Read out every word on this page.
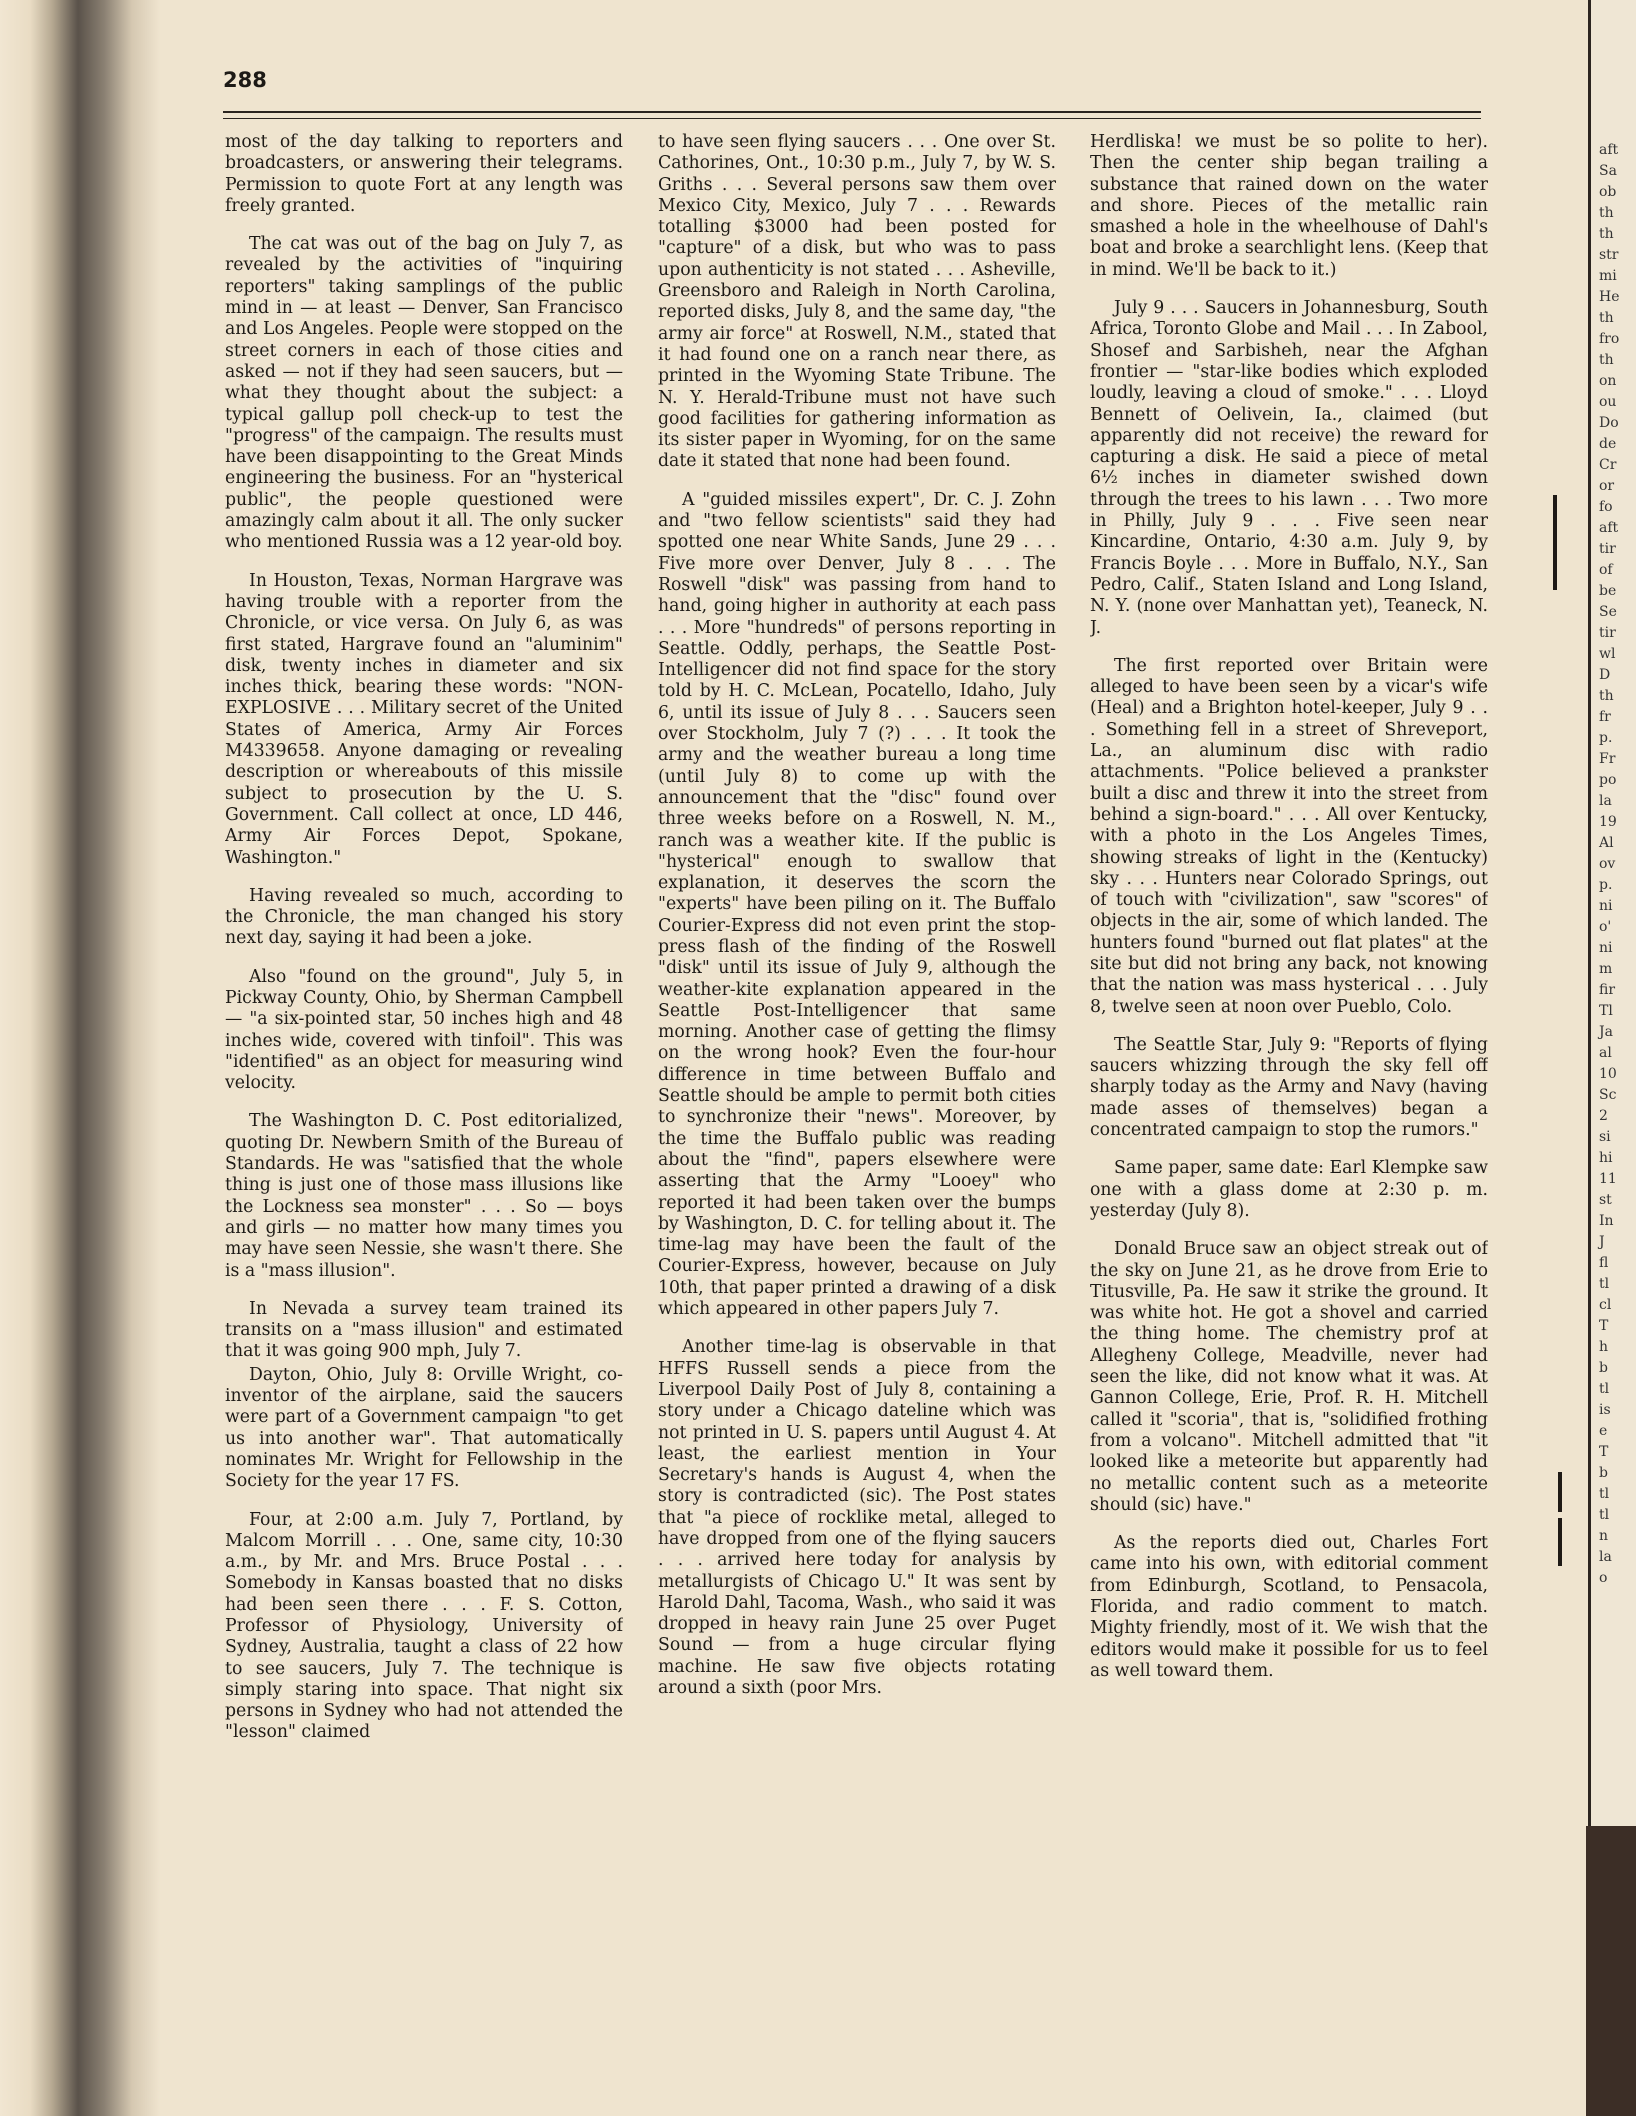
288

most of the day talking to reporters and broadcasters, or answering their telegrams. Permission to quote Fort at any length was freely granted.

The cat was out of the bag on July 7, as revealed by the activities of "inquiring reporters" taking samplings of the public mind in — at least — Denver, San Francisco and Los Angeles. People were stopped on the street corners in each of those cities and asked — not if they had seen saucers, but — what they thought about the subject: a typical gallup poll check-up to test the "progress" of the campaign. The results must have been disappointing to the Great Minds engineering the business. For an "hysterical public", the people questioned were amazingly calm about it all. The only sucker who mentioned Russia was a 12 year-old boy.

In Houston, Texas, Norman Hargrave was having trouble with a reporter from the Chronicle, or vice versa. On July 6, as was first stated, Hargrave found an "aluminim" disk, twenty inches in diameter and six inches thick, bearing these words: "NON-EXPLOSIVE . . . Military secret of the United States of America, Army Air Forces M4339658. Anyone damaging or revealing description or whereabouts of this missile subject to prosecution by the U. S. Government. Call collect at once, LD 446, Army Air Forces Depot, Spokane, Washington."

Having revealed so much, according to the Chronicle, the man changed his story next day, saying it had been a joke.

Also "found on the ground", July 5, in Pickway County, Ohio, by Sherman Campbell — "a six-pointed star, 50 inches high and 48 inches wide, covered with tinfoil". This was "identified" as an object for measuring wind velocity.

The Washington D. C. Post editorialized, quoting Dr. Newbern Smith of the Bureau of Standards. He was "satisfied that the whole thing is just one of those mass illusions like the Lockness sea monster" . . . So — boys and girls — no matter how many times you may have seen Nessie, she wasn't there. She is a "mass illusion".

In Nevada a survey team trained its transits on a "mass illusion" and estimated that it was going 900 mph, July 7.

Dayton, Ohio, July 8: Orville Wright, co-inventor of the airplane, said the saucers were part of a Government campaign "to get us into another war". That automatically nominates Mr. Wright for Fellowship in the Society for the year 17 FS.

Four, at 2:00 a.m. July 7, Portland, by Malcom Morrill . . . One, same city, 10:30 a.m., by Mr. and Mrs. Bruce Postal . . . Somebody in Kansas boasted that no disks had been seen there . . . F. S. Cotton, Professor of Physiology, University of Sydney, Australia, taught a class of 22 how to see saucers, July 7. The technique is simply staring into space. That night six persons in Sydney who had not attended the "lesson" claimed

to have seen flying saucers . . . One over St. Cathorines, Ont., 10:30 p.m., July 7, by W. S. Griths . . . Several persons saw them over Mexico City, Mexico, July 7 . . . Rewards totalling $3000 had been posted for "capture" of a disk, but who was to pass upon authenticity is not stated . . . Asheville, Greensboro and Raleigh in North Carolina, reported disks, July 8, and the same day, "the army air force" at Roswell, N.M., stated that it had found one on a ranch near there, as printed in the Wyoming State Tribune. The N. Y. Herald-Tribune must not have such good facilities for gathering information as its sister paper in Wyoming, for on the same date it stated that none had been found.

A "guided missiles expert", Dr. C. J. Zohn and "two fellow scientists" said they had spotted one near White Sands, June 29 . . . Five more over Denver, July 8 . . . The Roswell "disk" was passing from hand to hand, going higher in authority at each pass . . . More "hundreds" of persons reporting in Seattle. Oddly, perhaps, the Seattle Post-Intelligencer did not find space for the story told by H. C. McLean, Pocatello, Idaho, July 6, until its issue of July 8 . . . Saucers seen over Stockholm, July 7 (?) . . . It took the army and the weather bureau a long time (until July 8) to come up with the announcement that the "disc" found over three weeks before on a Roswell, N. M., ranch was a weather kite. If the public is "hysterical" enough to swallow that explanation, it deserves the scorn the "experts" have been piling on it. The Buffalo Courier-Express did not even print the stop-press flash of the finding of the Roswell "disk" until its issue of July 9, although the weather-kite explanation appeared in the Seattle Post-Intelligencer that same morning. Another case of getting the flimsy on the wrong hook? Even the four-hour difference in time between Buffalo and Seattle should be ample to permit both cities to synchronize their "news". Moreover, by the time the Buffalo public was reading about the "find", papers elsewhere were asserting that the Army "Looey" who reported it had been taken over the bumps by Washington, D. C. for telling about it. The time-lag may have been the fault of the Courier-Express, however, because on July 10th, that paper printed a drawing of a disk which appeared in other papers July 7.

Another time-lag is observable in that HFFS Russell sends a piece from the Liverpool Daily Post of July 8, containing a story under a Chicago dateline which was not printed in U. S. papers until August 4. At least, the earliest mention in Your Secretary's hands is August 4, when the story is contradicted (sic). The Post states that "a piece of rocklike metal, alleged to have dropped from one of the flying saucers . . . arrived here today for analysis by metallurgists of Chicago U." It was sent by Harold Dahl, Tacoma, Wash., who said it was dropped in heavy rain June 25 over Puget Sound — from a huge circular flying machine. He saw five objects rotating around a sixth (poor Mrs.

Herdliska! we must be so polite to her). Then the center ship began trailing a substance that rained down on the water and shore. Pieces of the metallic rain smashed a hole in the wheelhouse of Dahl's boat and broke a searchlight lens. (Keep that in mind. We'll be back to it.)

July 9 . . . Saucers in Johannesburg, South Africa, Toronto Globe and Mail . . . In Zabool, Shosef and Sarbisheh, near the Afghan frontier — "star-like bodies which exploded loudly, leaving a cloud of smoke." . . . Lloyd Bennett of Oelivein, Ia., claimed (but apparently did not receive) the reward for capturing a disk. He said a piece of metal 6½ inches in diameter swished down through the trees to his lawn . . . Two more in Philly, July 9 . . . Five seen near Kincardine, Ontario, 4:30 a.m. July 9, by Francis Boyle . . . More in Buffalo, N.Y., San Pedro, Calif., Staten Island and Long Island, N. Y. (none over Manhattan yet), Teaneck, N. J.

The first reported over Britain were alleged to have been seen by a vicar's wife (Heal) and a Brighton hotel-keeper, July 9 . . . Something fell in a street of Shreveport, La., an aluminum disc with radio attachments. "Police believed a prankster built a disc and threw it into the street from behind a sign-board." . . . All over Kentucky, with a photo in the Los Angeles Times, showing streaks of light in the (Kentucky) sky . . . Hunters near Colorado Springs, out of touch with "civilization", saw "scores" of objects in the air, some of which landed. The hunters found "burned out flat plates" at the site but did not bring any back, not knowing that the nation was mass hysterical . . . July 8, twelve seen at noon over Pueblo, Colo.

The Seattle Star, July 9: "Reports of flying saucers whizzing through the sky fell off sharply today as the Army and Navy (having made asses of themselves) began a concentrated campaign to stop the rumors."

Same paper, same date: Earl Klempke saw one with a glass dome at 2:30 p. m. yesterday (July 8).

Donald Bruce saw an object streak out of the sky on June 21, as he drove from Erie to Titusville, Pa. He saw it strike the ground. It was white hot. He got a shovel and carried the thing home. The chemistry prof at Allegheny College, Meadville, never had seen the like, did not know what it was. At Gannon College, Erie, Prof. R. H. Mitchell called it "scoria", that is, "solidified frothing from a volcano". Mitchell admitted that "it looked like a meteorite but apparently had no metallic content such as a meteorite should (sic) have."

As the reports died out, Charles Fort came into his own, with editorial comment from Edinburgh, Scotland, to Pensacola, Florida, and radio comment to match. Mighty friendly, most of it. We wish that the editors would make it possible for us to feel as well toward them.

aft Sa ob th th str mi He th fro th on ou Do de Cr or fo aft tir of be Se tir wl D th fr p. Fr po la 19 Al ov p. ni o' ni m fir Tl Ja al 10 Sc 2 si hi 11 st In J fl tl cl T h b tl is e T b tl tl n la o
